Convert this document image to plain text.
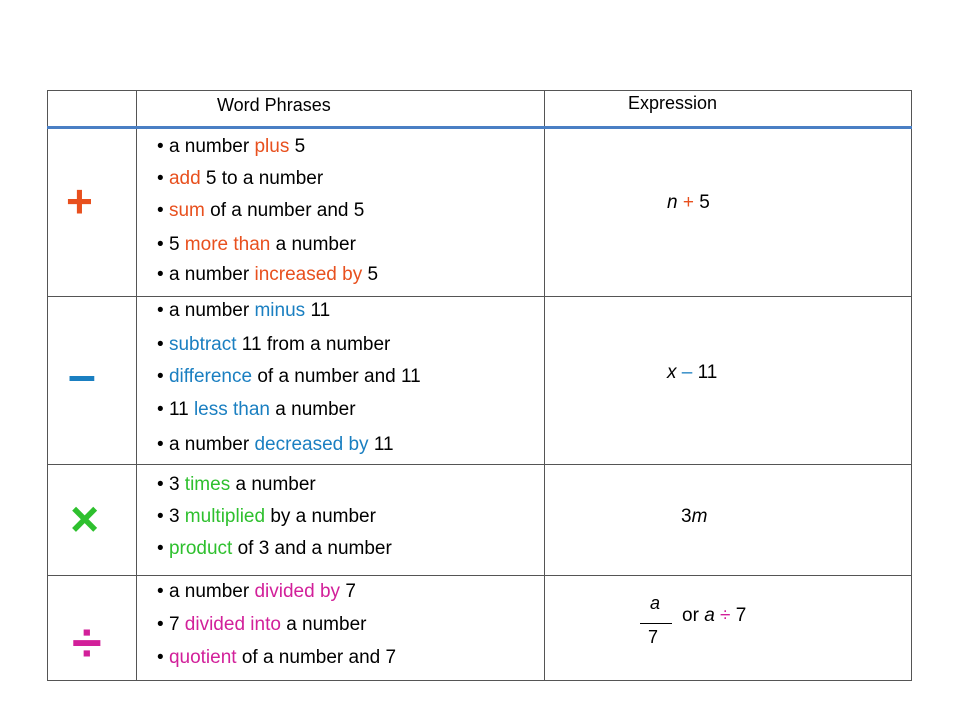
Word Phrases	Expression
+
• a number plus 5
• add 5 to a number
• sum of a number and 5
• 5 more than a number
• a number increased by 5
n + 5
–
• a number minus 11
• subtract 11 from a number
• difference of a number and 11
• 11 less than a number
• a number decreased by 11
x – 11
×
• 3 times a number
• 3 multiplied by a number
• product of 3 and a number
3m
÷
• a number divided by 7
• 7 divided into a number
• quotient of a number and 7
a
7
or a ÷ 7
